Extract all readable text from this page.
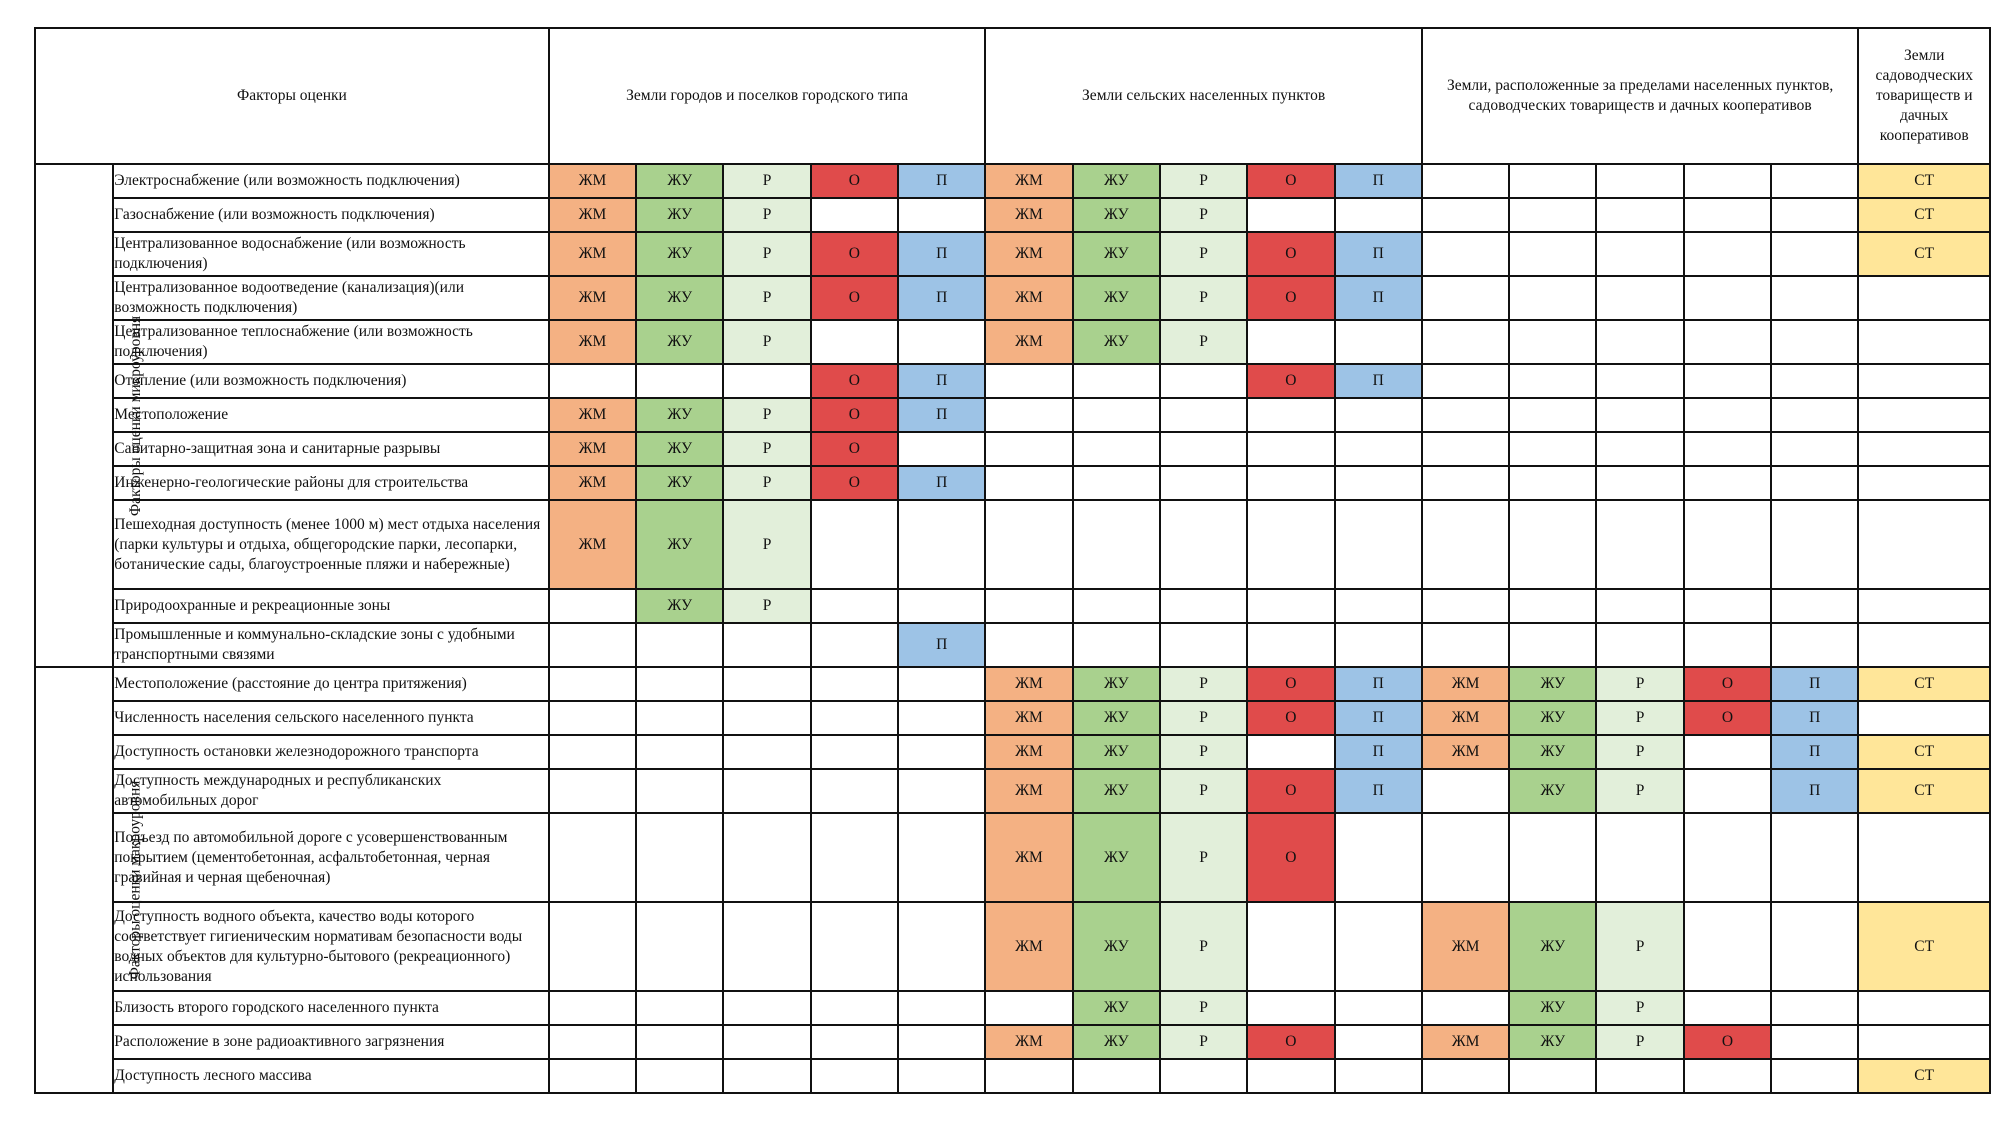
Факторы оценки		Земли городов и поселков городского типа					Земли сельских населенных пунктов					Земли, расположенные за пределами населенных пунктов, садоводческих товариществ и дачных кооперативов					Земли садоводческих товариществ и дачных кооперативов
Факторы оценки микроуровня	Электроснабжение (или возможность подключения)	ЖМ	ЖУ	Р	О	П	ЖМ	ЖУ	Р	О	П						СТ
	Газоснабжение (или возможность подключения)	ЖМ	ЖУ	Р			ЖМ	ЖУ	Р								СТ
	Централизованное водоснабжение (или возможность подключения)	ЖМ	ЖУ	Р	О	П	ЖМ	ЖУ	Р	О	П						СТ
	Централизованное водоотведение (канализация)(или возможность подключения)	ЖМ	ЖУ	Р	О	П	ЖМ	ЖУ	Р	О	П						
	Централизованное теплоснабжение (или возможность подключения)	ЖМ	ЖУ	Р			ЖМ	ЖУ	Р								
	Отопление (или возможность подключения)				О	П				О	П						
	Местоположение	ЖМ	ЖУ	Р	О	П											
	Санитарно-защитная зона и санитарные разрывы	ЖМ	ЖУ	Р	О												
	Инженерно-геологические районы для строительства	ЖМ	ЖУ	Р	О	П											
	Пешеходная доступность (менее 1000 м) мест отдыха населения (парки культуры и отдыха, общегородские парки, лесопарки, ботанические сады, благоустроенные пляжи и набережные)	ЖМ	ЖУ	Р													
	Природоохранные и рекреационные зоны		ЖУ	Р													
	Промышленные и коммунально-складские зоны с удобными транспортными связями					П											
Факторы оценки макроуровня	Местоположение (расстояние до центра притяжения)						ЖМ	ЖУ	Р	О	П	ЖМ	ЖУ	Р	О	П	СТ
	Численность населения сельского населенного пункта						ЖМ	ЖУ	Р	О	П	ЖМ	ЖУ	Р	О	П	
	Доступность остановки железнодорожного транспорта						ЖМ	ЖУ	Р		П	ЖМ	ЖУ	Р		П	СТ
	Доступность международных и республиканских автомобильных дорог						ЖМ	ЖУ	Р	О	П		ЖУ	Р		П	СТ
	Подъезд по автомобильной дороге с усовершенствованным покрытием (цементобетонная, асфальтобетонная, черная гравийная и черная щебеночная)						ЖМ	ЖУ	Р	О							
	Доступность водного объекта, качество воды которого соответствует гигиеническим нормативам безопасности воды водных объектов для культурно-бытового (рекреационного) использования						ЖМ	ЖУ	Р			ЖМ	ЖУ	Р			СТ
	Близость второго городского населенного пункта							ЖУ	Р				ЖУ	Р			
	Расположение в зоне радиоактивного загрязнения						ЖМ	ЖУ	Р	О		ЖМ	ЖУ	Р	О		
	Доступность лесного массива																СТ
